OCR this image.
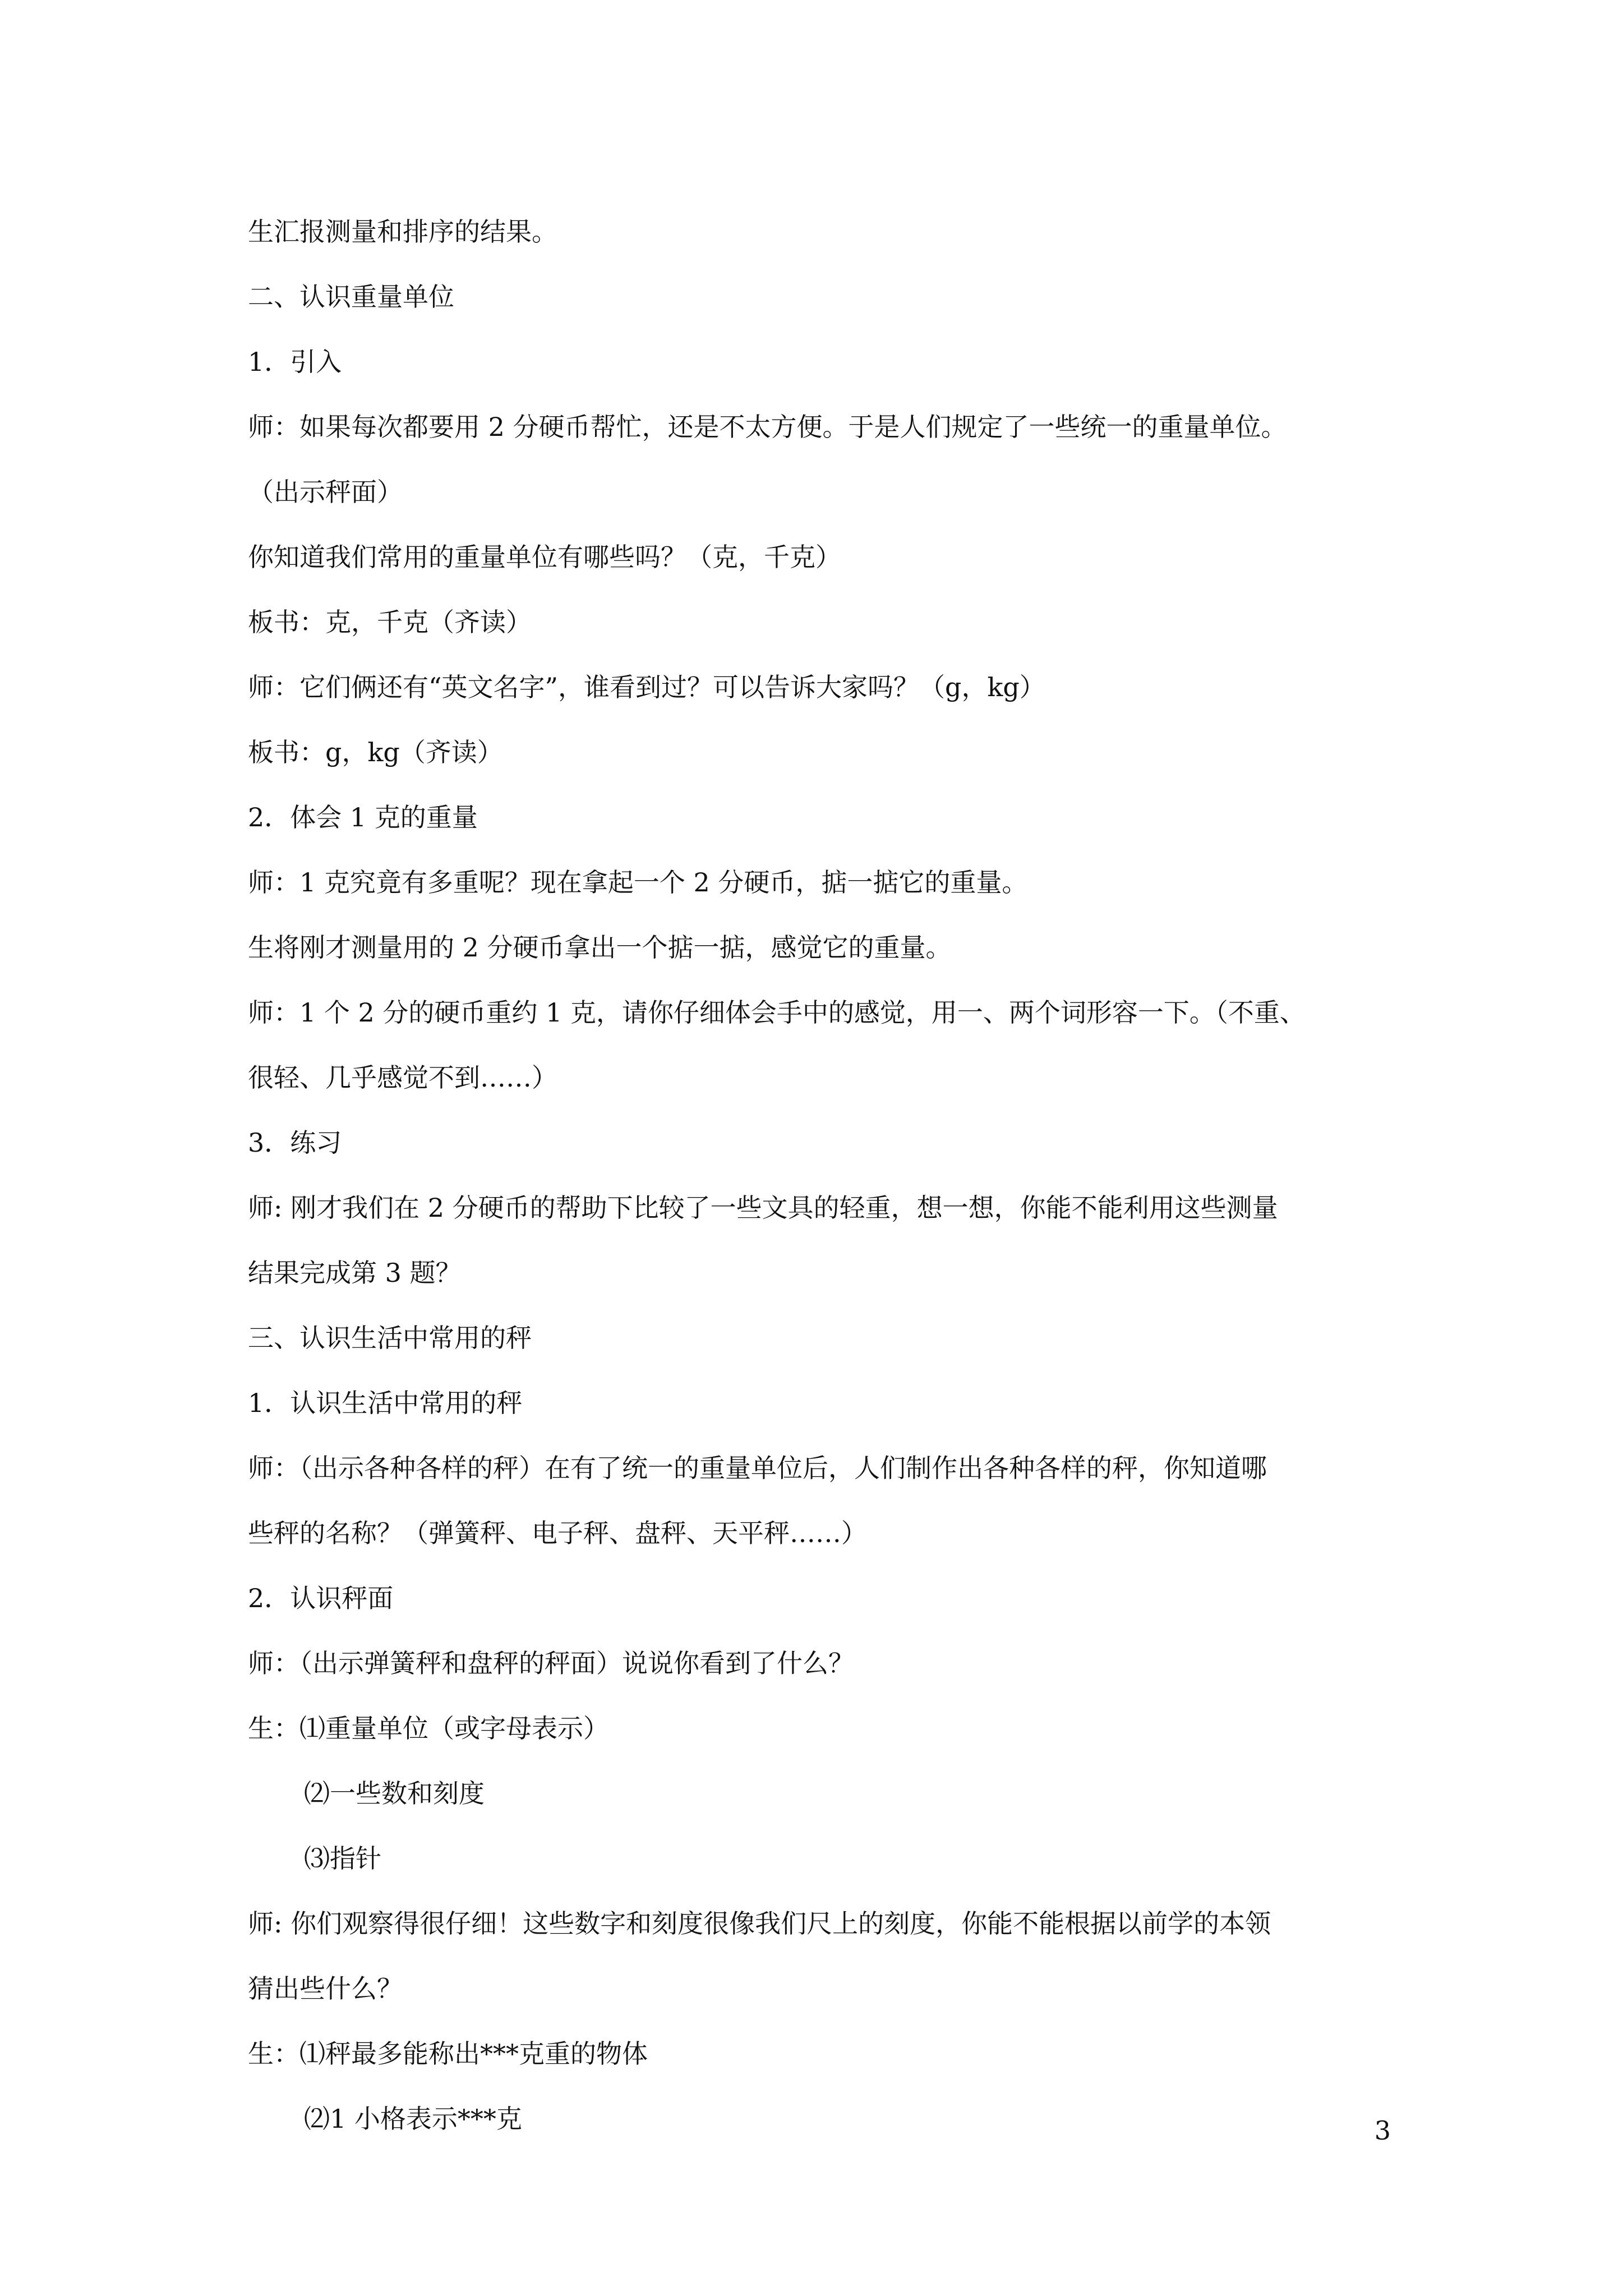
生汇报测量和排序的结果。
二、认识重量单位
1．引入
师：如果每次都要用 2 分硬币帮忙，还是不太方便。于是人们规定了一些统一的重量单位。
（出示秤面）
你知道我们常用的重量单位有哪些吗？（克，千克）
板书：克，千克（齐读）
师：它们俩还有“英文名字”，谁看到过？可以告诉大家吗？（g，kg）
板书：g，kg（齐读）
2．体会 1 克的重量
师：1 克究竟有多重呢？现在拿起一个 2 分硬币，掂一掂它的重量。
生将刚才测量用的 2 分硬币拿出一个掂一掂，感觉它的重量。
师：1 个 2 分的硬币重约 1 克，请你仔细体会手中的感觉，用一、两个词形容一下。（不重、
很轻、几乎感觉不到……）
3．练习
师: 刚才我们在 2 分硬币的帮助下比较了一些文具的轻重，想一想，你能不能利用这些测量
结果完成第 3 题？
三、认识生活中常用的秤
1．认识生活中常用的秤
师：（出示各种各样的秤）在有了统一的重量单位后，人们制作出各种各样的秤，你知道哪
些秤的名称？（弹簧秤、电子秤、盘秤、天平秤……）
2．认识秤面
师：（出示弹簧秤和盘秤的秤面）说说你看到了什么？
生：⑴重量单位（或字母表示）
⑵一些数和刻度
⑶指针
师: 你们观察得很仔细！这些数字和刻度很像我们尺上的刻度，你能不能根据以前学的本领
猜出些什么？
生：⑴秤最多能称出***克重的物体
⑵1 小格表示***克	3
